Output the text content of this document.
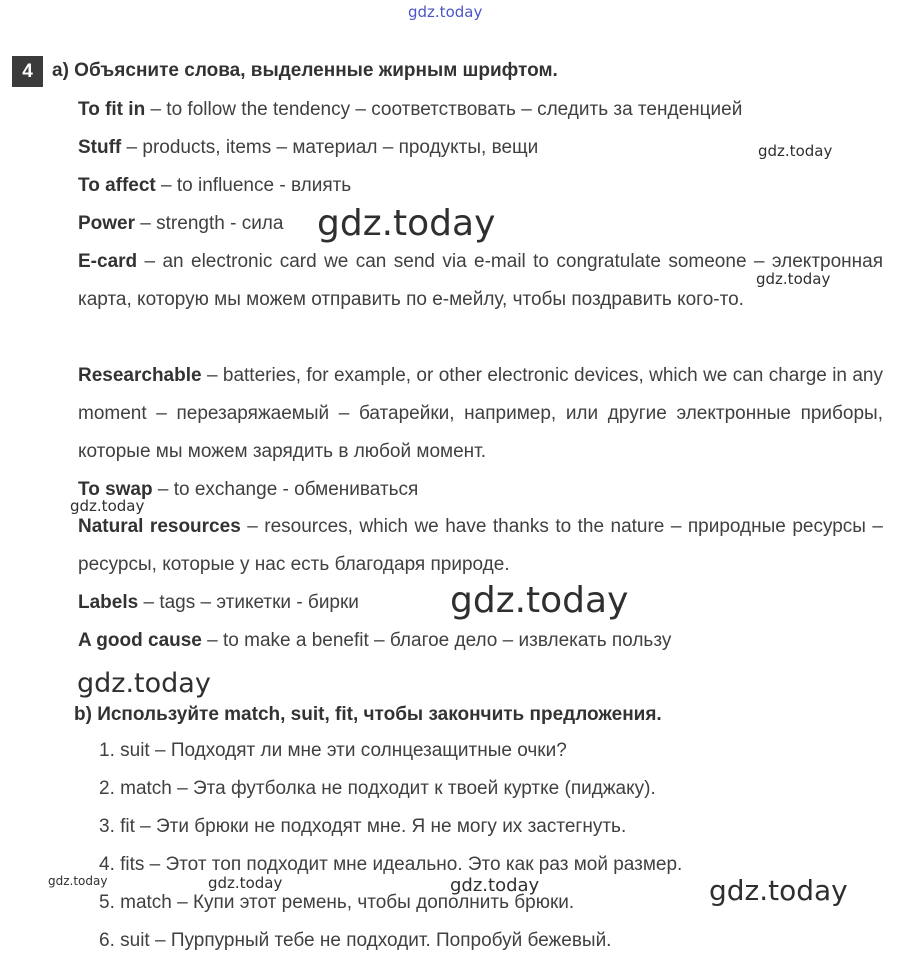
gdz.today
4	a) Объясните слова, выделенные жирным шрифтом.
To fit in – to follow the tendency – соответствовать – следить за тенденцией
Stuff – products, items – материал – продукты, вещи
To affect – to influence - влиять
Power – strength - сила
E-card – an electronic card we can send via e-mail to congratulate someone – электронная карта, которую мы можем отправить по е-мейлу, чтобы поздравить кого-то.
Researchable – batteries, for example, or other electronic devices, which we can charge in any moment – перезаряжаемый – батарейки, например, или другие электронные приборы, которые мы можем зарядить в любой момент.
To swap – to exchange - обмениваться
Natural resources – resources, which we have thanks to the nature – природные ресурсы – ресурсы, которые у нас есть благодаря природе.
Labels – tags – этикетки - бирки
A good cause – to make a benefit – благое дело – извлекать пользу
b) Используйте match, suit, fit, чтобы закончить предложения.
1. suit – Подходят ли мне эти солнцезащитные очки?
2. match – Эта футболка не подходит к твоей куртке (пиджаку).
3. fit – Эти брюки не подходят мне. Я не могу их застегнуть.
4. fits – Этот топ подходит мне идеально. Это как раз мой размер.
5. match – Купи этот ремень, чтобы дополнить брюки.
6. suit – Пурпурный тебе не подходит. Попробуй бежевый.
gdz.today
gdz.today
gdz.today
gdz.today
gdz.today
gdz.today
gdz.today	gdz.today	gdz.today	gdz.today
